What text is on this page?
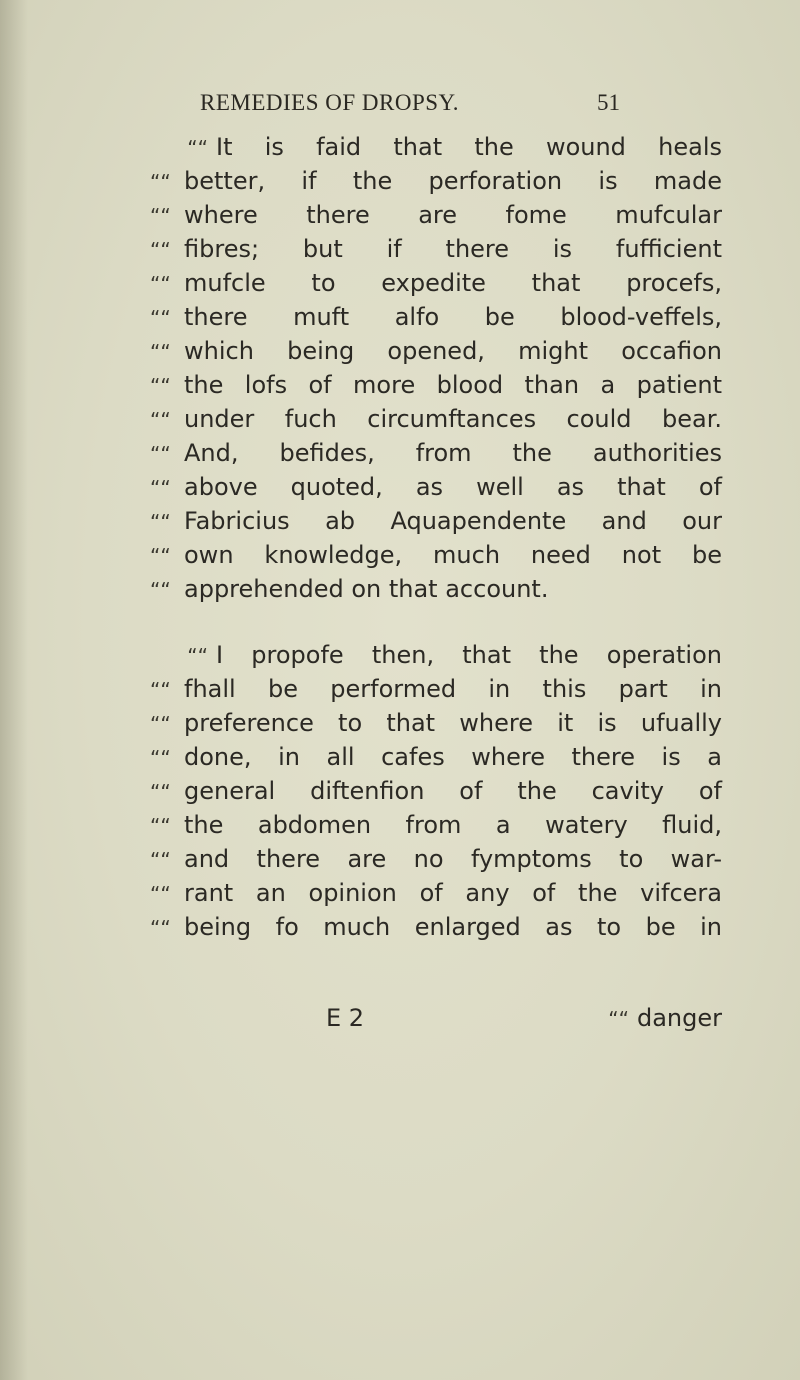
REMEDIES OF DROPSY.	51
““ It is faid that the wound heals
““ better, if the perforation is made
““ where there are fome mufcular
““ fibres; but if there is fufficient
““ mufcle to expedite that procefs,
““ there muft alfo be blood-veffels,
““ which being opened, might occafion
““ the lofs of more blood than a patient
““ under fuch circumftances could bear.
““ And, befides, from the authorities
““ above quoted, as well as that of
““ Fabricius ab Aquapendente and our
““ own knowledge, much need not be
““ apprehended on that account.
““ I propofe then, that the operation
““ fhall be performed in this part in
““ preference to that where it is ufually
““ done, in all cafes where there is a
““ general diftenfion of the cavity of
““ the abdomen from a watery fluid,
““ and there are no fymptoms to war-
““ rant an opinion of any of the vifcera
““ being fo much enlarged as to be in
E 2	““ danger
